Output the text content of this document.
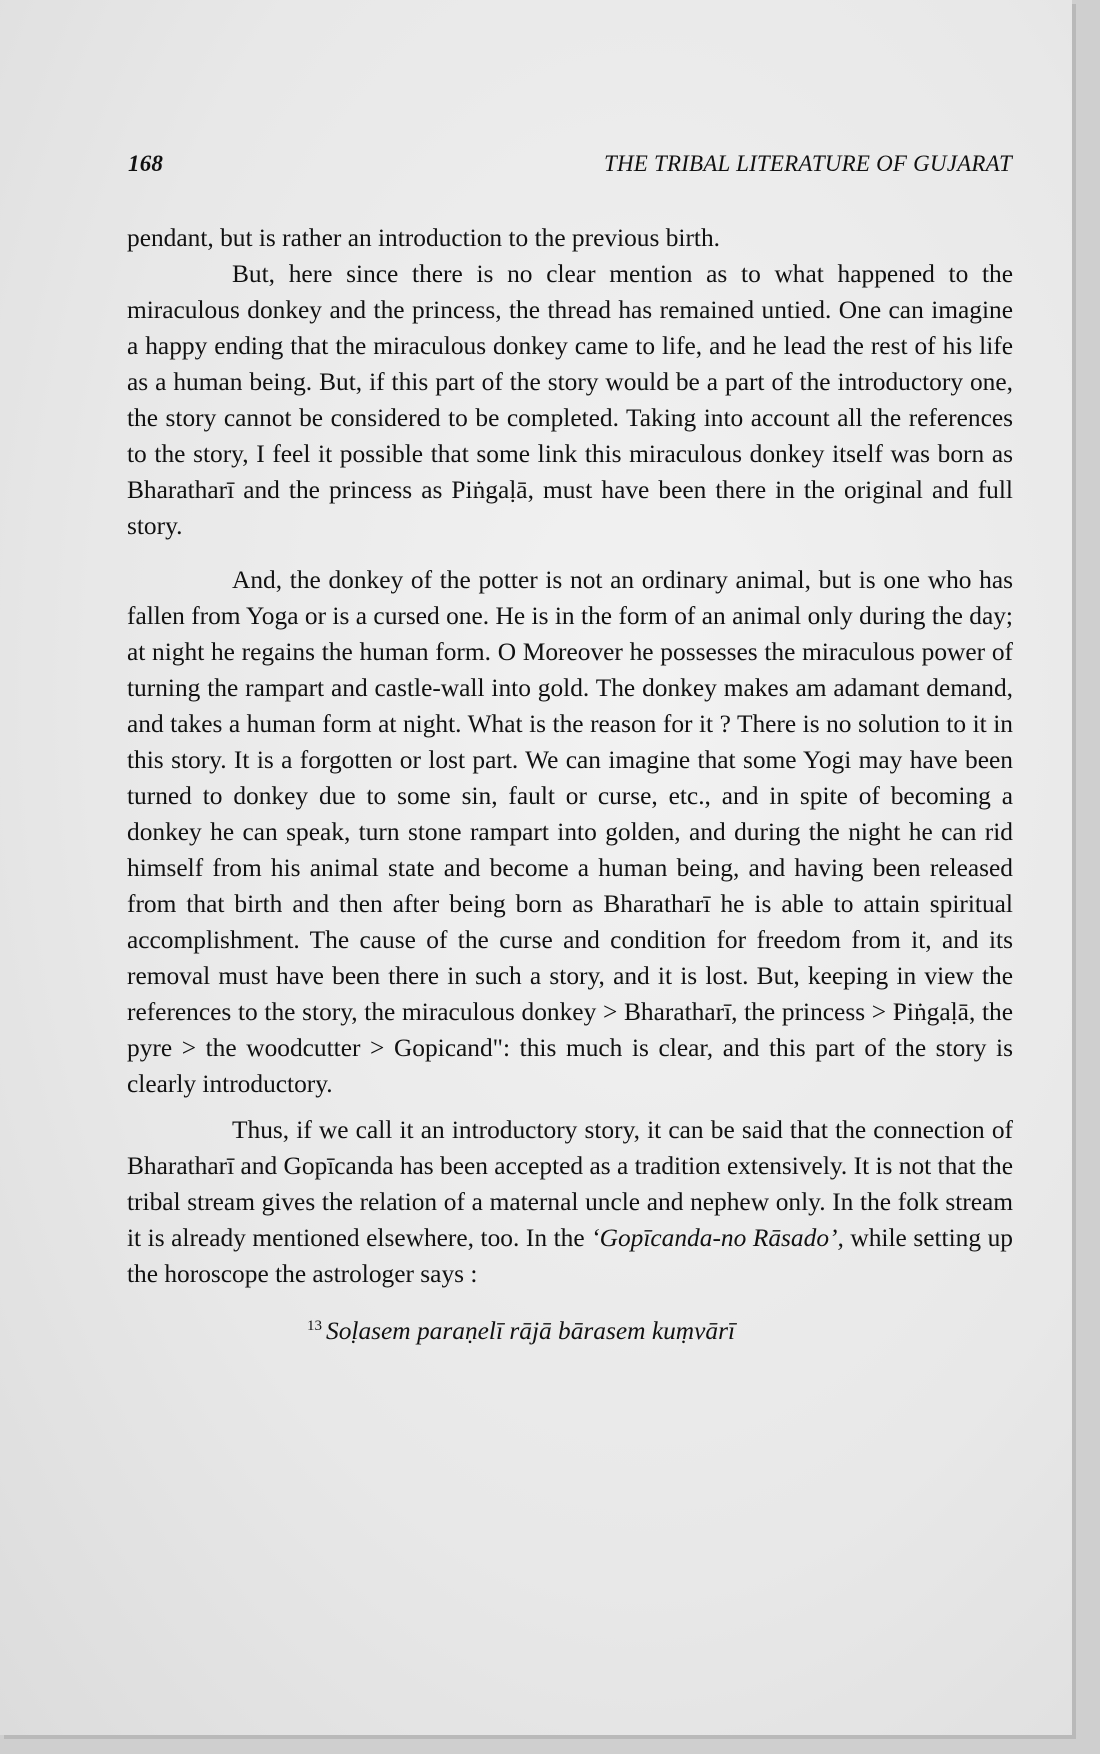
168	THE TRIBAL LITERATURE OF GUJARAT

pendant, but is rather an introduction to the previous birth.

But, here since there is no clear mention as to what happened to the miraculous donkey and the princess, the thread has remained untied. One can imagine a happy ending that the miraculous donkey came to life, and he lead the rest of his life as a human being. But, if this part of the story would be a part of the introductory one, the story cannot be considered to be completed. Taking into account all the references to the story, I feel it possible that some link this miraculous donkey itself was born as Bharatharī and the princess as Piṅgaḷā, must have been there in the original and full story.

And, the donkey of the potter is not an ordinary animal, but is one who has fallen from Yoga or is a cursed one. He is in the form of an animal only during the day; at night he regains the human form. O Moreover he possesses the miraculous power of turning the rampart and castle-wall into gold. The donkey makes am adamant demand, and takes a human form at night. What is the reason for it ? There is no solution to it in this story. It is a forgotten or lost part. We can imagine that some Yogi may have been turned to donkey due to some sin, fault or curse, etc., and in spite of becoming a donkey he can speak, turn stone rampart into golden, and during the night he can rid himself from his animal state and become a human being, and having been released from that birth and then after being born as Bharatharī he is able to attain spiritual accomplishment. The cause of the curse and condition for freedom from it, and its removal must have been there in such a story, and it is lost. But, keeping in view the references to the story, the miraculous donkey > Bharatharī, the princess > Piṅgaḷā, the pyre > the woodcutter > Gopicand": this much is clear, and this part of the story is clearly introductory.

Thus, if we call it an introductory story, it can be said that the connection of Bharatharī and Gopīcanda has been accepted as a tradition extensively. It is not that the tribal stream gives the relation of a maternal uncle and nephew only. In the folk stream it is already mentioned elsewhere, too. In the ‘Gopīcanda-no Rāsado’, while setting up the horoscope the astrologer says :

$^{13}$ Soḷasem paraṇelī rājā bārasem kuṃvārī
